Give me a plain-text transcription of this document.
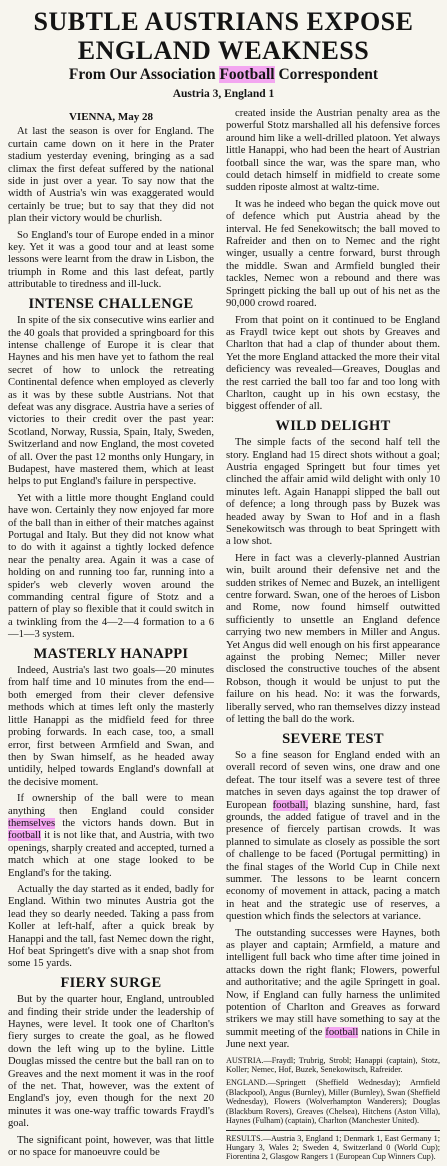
SUBTLE AUSTRIANS EXPOSE
ENGLAND WEAKNESS
From Our Association Football Correspondent
Austria 3, England 1
VIENNA, May 28

At last the season is over for England. The curtain came down on it here in the Prater stadium yesterday evening, bringing as a sad climax the first defeat suffered by the national side in just over a year. To say now that the width of Austria's win was exaggerated would certainly be true; but to say that they did not plan their victory would be churlish.

So England's tour of Europe ended in a minor key. Yet it was a good tour and at least some lessons were learnt from the draw in Lisbon, the triumph in Rome and this last defeat, partly attributable to tiredness and ill-luck.

INTENSE CHALLENGE

In spite of the six consecutive wins earlier and the 40 goals that provided a springboard for this intense challenge of Europe it is clear that Haynes and his men have yet to fathom the real secret of how to unlock the retreating Continental defence when employed as cleverly as it was by these subtle Austrians. Not that defeat was any disgrace. Austria have a series of victories to their credit over the past year: Scotland, Norway, Russia, Spain, Italy, Sweden, Switzerland and now England, the most coveted of all. Over the past 12 months only Hungary, in Budapest, have mastered them, which at least helps to put England's failure in perspective.

Yet with a little more thought England could have won. Certainly they now enjoyed far more of the ball than in either of their matches against Portugal and Italy. But they did not know what to do with it against a tightly locked defence near the penalty area. Again it was a case of holding on and running too far, running into a spider's web cleverly woven around the commanding central figure of Stotz and a pattern of play so flexible that it could switch in a twinkling from the 4—2—4 formation to a 6—1—3 system.

MASTERLY HANAPPI

Indeed, Austria's last two goals—20 minutes from half time and 10 minutes from the end—both emerged from their clever defensive methods which at times left only the masterly little Hanappi as the midfield feed for three probing forwards. In each case, too, a small error, first between Armfield and Swan, and then by Swan himself, as he headed away untidily, helped towards England's downfall at the decisive moment.

If ownership of the ball were to mean anything then England could consider themselves the victors hands down. But in football it is not like that, and Austria, with two openings, sharply created and accepted, turned a match which at one stage looked to be England's for the taking.

Actually the day started as it ended, badly for England. Within two minutes Austria got the lead they so dearly needed. Taking a pass from Koller at left-half, after a quick break by Hanappi and the tall, fast Nemec down the right, Hof beat Springett's dive with a snap shot from some 15 yards.

FIERY SURGE

But by the quarter hour, England, untroubled and finding their stride under the leadership of Haynes, were level. It took one of Charlton's fiery surges to create the goal, as he flowed down the left wing up to the byline. Little Douglas missed the centre but the ball ran on to Greaves and the next moment it was in the roof of the net. That, however, was the extent of England's joy, even though for the next 20 minutes it was one-way traffic towards Fraydl's goal.

The significant point, however, was that little or no space for manoeuvre could be

created inside the Austrian penalty area as the powerful Stotz marshalled all his defensive forces around him like a well-drilled platoon. Yet always little Hanappi, who had been the heart of Austrian football since the war, was the spare man, who could detach himself in midfield to create some sudden riposte almost at waltz-time.

It was he indeed who began the quick move out of defence which put Austria ahead by the interval. He fed Senekowitsch; the ball moved to Rafreider and then on to Nemec and the right winger, usually a centre forward, burst through the middle. Swan and Armfield bungled their tackles, Nemec won a rebound and there was Springett picking the ball up out of his net as the 90,000 crowd roared.

From that point on it continued to be England as Fraydl twice kept out shots by Greaves and Charlton that had a clap of thunder about them. Yet the more England attacked the more their vital deficiency was revealed—Greaves, Douglas and the rest carried the ball too far and too long with Charlton, caught up in his own ecstasy, the biggest offender of all.

WILD DELIGHT

The simple facts of the second half tell the story. England had 15 direct shots without a goal; Austria engaged Springett but four times yet clinched the affair amid wild delight with only 10 minutes left. Again Hanappi slipped the ball out of defence; a long through pass by Buzek was headed away by Swan to Hof and in a flash Senekowitsch was through to beat Springett with a low shot.

Here in fact was a cleverly-planned Austrian win, built around their defensive net and the sudden strikes of Nemec and Buzek, an intelligent centre forward. Swan, one of the heroes of Lisbon and Rome, now found himself outwitted sufficiently to unsettle an England defence carrying two new members in Miller and Angus. Yet Angus did well enough on his first appearance against the probing Nemec; Miller never disclosed the constructive touches of the absent Robson, though it would be unjust to put the failure on his head. No: it was the forwards, liberally served, who ran themselves dizzy instead of letting the ball do the work.

SEVERE TEST

So a fine season for England ended with an overall record of seven wins, one draw and one defeat. The tour itself was a severe test of three matches in seven days against the top drawer of European football, blazing sunshine, hard, fast grounds, the added fatigue of travel and in the presence of fiercely partisan crowds. It was planned to simulate as closely as possible the sort of challenge to be faced (Portugal permitting) in the final stages of the World Cup in Chile next summer. The lessons to be learnt concern economy of movement in attack, pacing a match in heat and the strategic use of reserves, a question which finds the selectors at variance.

The outstanding successes were Haynes, both as player and captain; Armfield, a mature and intelligent full back who time after time joined in attacks down the right flank; Flowers, powerful and authoritative; and the agile Springett in goal. Now, if England can fully harness the unlimited potention of Charlton and Greaves as forward strikers we may still have something to say at the summit meeting of the football nations in Chile in June next year.

AUSTRIA.—Fraydl; Trubrig, Strobl; Hanappi (captain), Stotz, Koller; Nemec, Hof, Buzek, Senekowitsch, Rafreider.

ENGLAND.—Springett (Sheffield Wednesday); Armfield (Blackpool), Angus (Burnley), Miller (Burnley), Swan (Sheffield Wednesday), Flowers (Wolverhampton Wanderers); Douglas (Blackburn Rovers), Greaves (Chelsea), Hitchens (Aston Villa), Haynes (Fulham) (captain), Charlton (Manchester United).

RESULTS.—Austria 3, England 1; Denmark 1, East Germany 1; Hungary 3, Wales 2; Sweden 4, Switzerland 0 (World Cup); Fiorentina 2, Glasgow Rangers 1 (European Cup Winners Cup).
